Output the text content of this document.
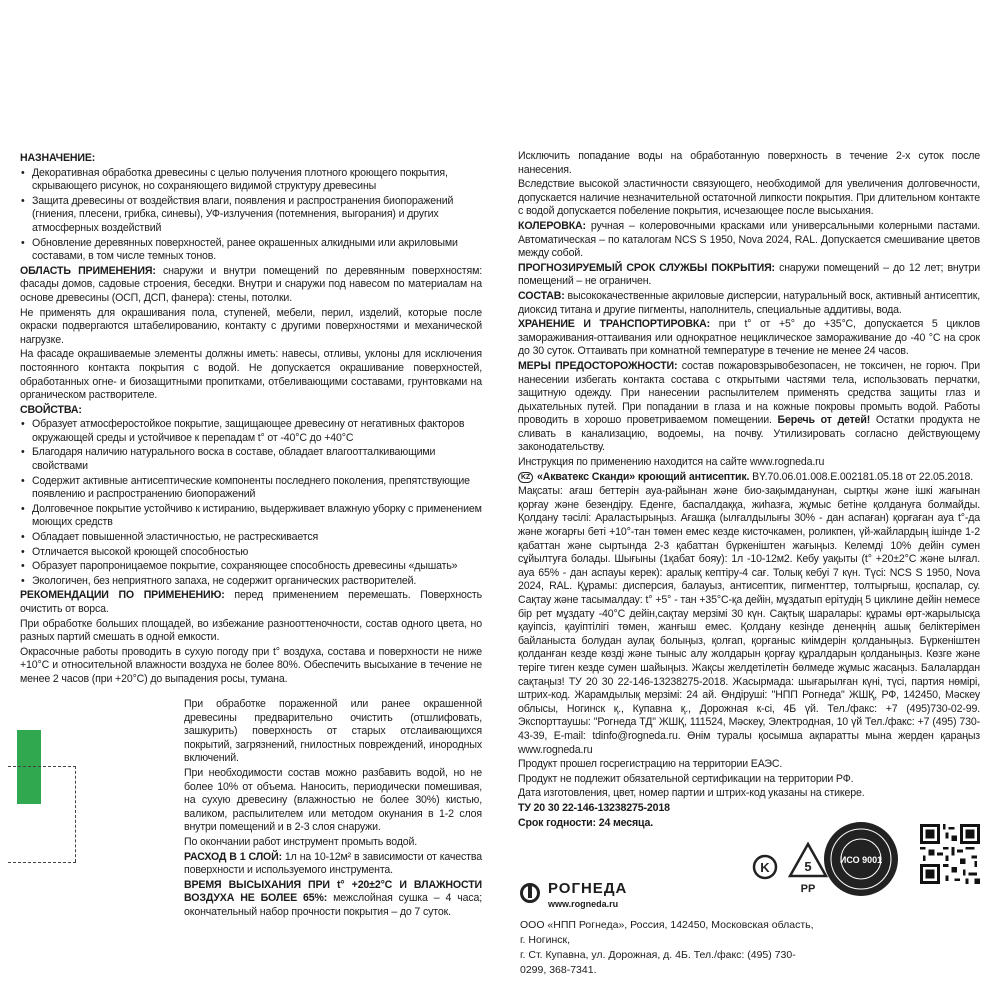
НАЗНАЧЕНИЕ:

• Декоративная обработка древесины с целью получения плотного кроющего покрытия, скрывающего рисунок, но сохраняющего видимой структуру древесины
• Защита древесины от воздействия влаги, появления и распространения биопоражений (гниения, плесени, грибка, синевы), УФ-излучения (потемнения, выгорания) и других атмосферных воздействий
• Обновление деревянных поверхностей, ранее окрашенных алкидными или акриловыми составами, в том числе темных тонов.

ОБЛАСТЬ ПРИМЕНЕНИЯ: снаружи и внутри помещений по деревянным поверхностям: фасады домов, садовые строения, беседки. Внутри и снаружи под навесом по материалам на основе древесины (ОСП, ДСП, фанера): стены, потолки.

Не применять для окрашивания пола, ступеней, мебели, перил, изделий, которые после окраски подвергаются штабелированию, контакту с другими поверхностями и механической нагрузке.

На фасаде окрашиваемые элементы должны иметь: навесы, отливы, уклоны для исключения постоянного контакта покрытия с водой. Не допускается окрашивание поверхностей, обработанных огне- и биозащитными пропитками, отбеливающими составами, грунтовками на органическом растворителе.

СВОЙСТВА:

• Образует атмосферостойкое покрытие, защищающее древесину от негативных факторов окружающей среды и устойчивое к перепадам t° от -40°С до +40°С
• Благодаря наличию натурального воска в составе, обладает влагоотталкивающими свойствами
• Содержит активные антисептические компоненты последнего поколения, препятствующие появлению и распространению биопоражений
• Долговечное покрытие устойчиво к истиранию, выдерживает влажную уборку с применением моющих средств
• Обладает повышенной эластичностью, не растрескивается
• Отличается высокой кроющей способностью
• Образует паропроницаемое покрытие, сохраняющее способность древесины «дышать»
• Экологичен, без неприятного запаха, не содержит органических растворителей.

РЕКОМЕНДАЦИИ ПО ПРИМЕНЕНИЮ: перед применением перемешать. Поверхность очистить от ворса.

При обработке больших площадей, во избежание разнооттеночности, состав одного цвета, но разных партий смешать в одной емкости.

Окрасочные работы проводить в сухую погоду при t° воздуха, состава и поверхности не ниже +10°С и относительной влажности воздуха не более 80%. Обеспечить высыхание в течение не менее 2 часов (при +20°С) до выпадения росы, тумана.

При обработке пораженной или ранее окрашенной древесины предварительно очистить (отшлифовать, зашкурить) поверхность от старых отслаивающихся покрытий, загрязнений, гнилостных повреждений, инородных включений.

При необходимости состав можно разбавить водой, но не более 10% от объема. Наносить, периодически помешивая, на сухую древесину (влажностью не более 30%) кистью, валиком, распылителем или методом окунания в 1-2 слоя внутри помещений и в 2-3 слоя снаружи.

По окончании работ инструмент промыть водой.

РАСХОД В 1 СЛОЙ: 1л на 10-12м² в зависимости от качества поверхности и используемого инструмента.

ВРЕМЯ ВЫСЫХАНИЯ ПРИ t° +20±2°С И ВЛАЖНОСТИ ВОЗДУХА НЕ БОЛЕЕ 65%: межслойная сушка – 4 часа; окончательный набор прочности покрытия – до 7 суток.

Исключить попадание воды на обработанную поверхность в течение 2-х суток после нанесения.

Вследствие высокой эластичности связующего, необходимой для увеличения долговечности, допускается наличие незначительной остаточной липкости покрытия. При длительном контакте с водой допускается побеление покрытия, исчезающее после высыхания.

КОЛЕРОВКА: ручная – колеровочными красками или универсальными колерными пастами. Автоматическая – по каталогам NCS S 1950, Nova 2024, RAL. Допускается смешивание цветов между собой.

ПРОГНОЗИРУЕМЫЙ СРОК СЛУЖБЫ ПОКРЫТИЯ: снаружи помещений – до 12 лет; внутри помещений – не ограничен.

СОСТАВ: высококачественные акриловые дисперсии, натуральный воск, активный антисептик, диоксид титана и другие пигменты, наполнитель, специальные аддитивы, вода.

ХРАНЕНИЕ И ТРАНСПОРТИРОВКА: при t° от +5° до +35°С, допускается 5 циклов замораживания-оттаивания или однократное нециклическое замораживание до -40 °С на срок до 30 суток. Оттаивать при комнатной температуре в течение не менее 24 часов.

МЕРЫ ПРЕДОСТОРОЖНОСТИ: состав пожаровзрывобезопасен, не токсичен, не горюч. При нанесении избегать контакта состава с открытыми частями тела, использовать перчатки, защитную одежду. При нанесении распылителем применять средства защиты глаз и дыхательных путей. При попадании в глаза и на кожные покровы промыть водой. Работы проводить в хорошо проветриваемом помещении. Беречь от детей! Остатки продукта не сливать в канализацию, водоемы, на почву. Утилизировать согласно действующему законодательству.

Инструкция по применению находится на сайте www.rogneda.ru

KZ «Акватекс Сканди» кроющий антисептик. BY.70.06.01.008.E.002181.05.18 от 22.05.2018.

Мақсаты: ағаш беттерін ауа-райынан және био-зақымданунан, сыртқы және ішкі жағынан қорғау және безендіру. Еденге, баспалдаққа, жиһазға, жұмыс бетіне қолдануға болмайды. Қолдану тәсілі: Араластырыңыз. Ағашқа (ылғалдылығы 30% - дан аспаған) қорғаған ауа t°-да және жоғарғы беті +10°-тан төмен емес кезде кисточкамен, роликпен, үй-жайлардың ішінде 1-2 қабаттан және сыртында 2-3 қабаттан бүркеніштен жағыңыз. Келемді 10% дейін сумен сұйылтуға болады. Шығыны (1қабат бояу): 1л -10-12м2. Кебу уақыты (t° +20±2°С және ылғал. ауа 65% - дан аспауы керек): аралық кептіру-4 сағ. Толық кебуі 7 күн. Түсі: NCS S 1950, Nova 2024, RAL. Құрамы: дисперсия, балауыз, антисептик, пигменттер, толтырғыш, қоспалар, су. Сақтау және тасымалдау: t° +5° - тан +35°С-қа дейін, мұздатып ерітудің 5 циклине дейін немесе бір рет мұздату -40°С дейін,сақтау мерзімі 30 күн. Сақтық шаралары: құрамы өрт-жарылысқа қауіпсіз, қауіптілігі төмен, жанғыш емес. Қолдану кезінде денеңнің ашық беліктерімен байланыста болудан аулақ болыңыз, қолғап, қорғаныс киімдерін қолданыңыз. Бүркеніштен қолданған кезде көзді және тыныс алу жолдарын қорғау құралдарын қолданыңыз. Көзге және теріге тиген кезде сумен шайыңыз. Жақсы желдетілетін бөлмеде жұмыс жасаңыз. Балалардан сақтаңыз! ТУ 20 30 22-146-13238275-2018. Жасырмада: шығарылған күні, түсі, партия нөмірі, штрих-код. Жарамдылық мерзімі: 24 ай. Өндіруші: "НПП Рогнеда" ЖШҚ, РФ, 142450, Мәскеу облысы, Ногинск қ., Купавна қ., Дорожная к-сі, 4Б үй. Тел./факс: +7 (495)730-02-99. Экспорттаушы: "Рогнеда ТД" ЖШҚ, 111524, Мәскеу, Электродная, 10 үй Тел./факс: +7 (495) 730-43-39, E-mail: tdinfo@rogneda.ru. Өнім туралы қосымша ақпаратты мына жерден қараңыз www.rogneda.ru

Продукт прошел госрегистрацию на территории ЕАЭС.

Продукт не подлежит обязательной сертификации на территории РФ.

Дата изготовления, цвет, номер партии и штрих-код указаны на стикере.

ТУ 20 30 22-146-13238275-2018

Срок годности: 24 месяца.

РОГНЕДА
www.rogneda.ru
ООО «НПП Рогнеда», Россия, 142450, Московская область, г. Ногинск,
г. Ст. Купавна, ул. Дорожная, д. 4Б. Тел./факс: (495) 730-0299, 368-7341.
K	5
PP
ИСО 9001
